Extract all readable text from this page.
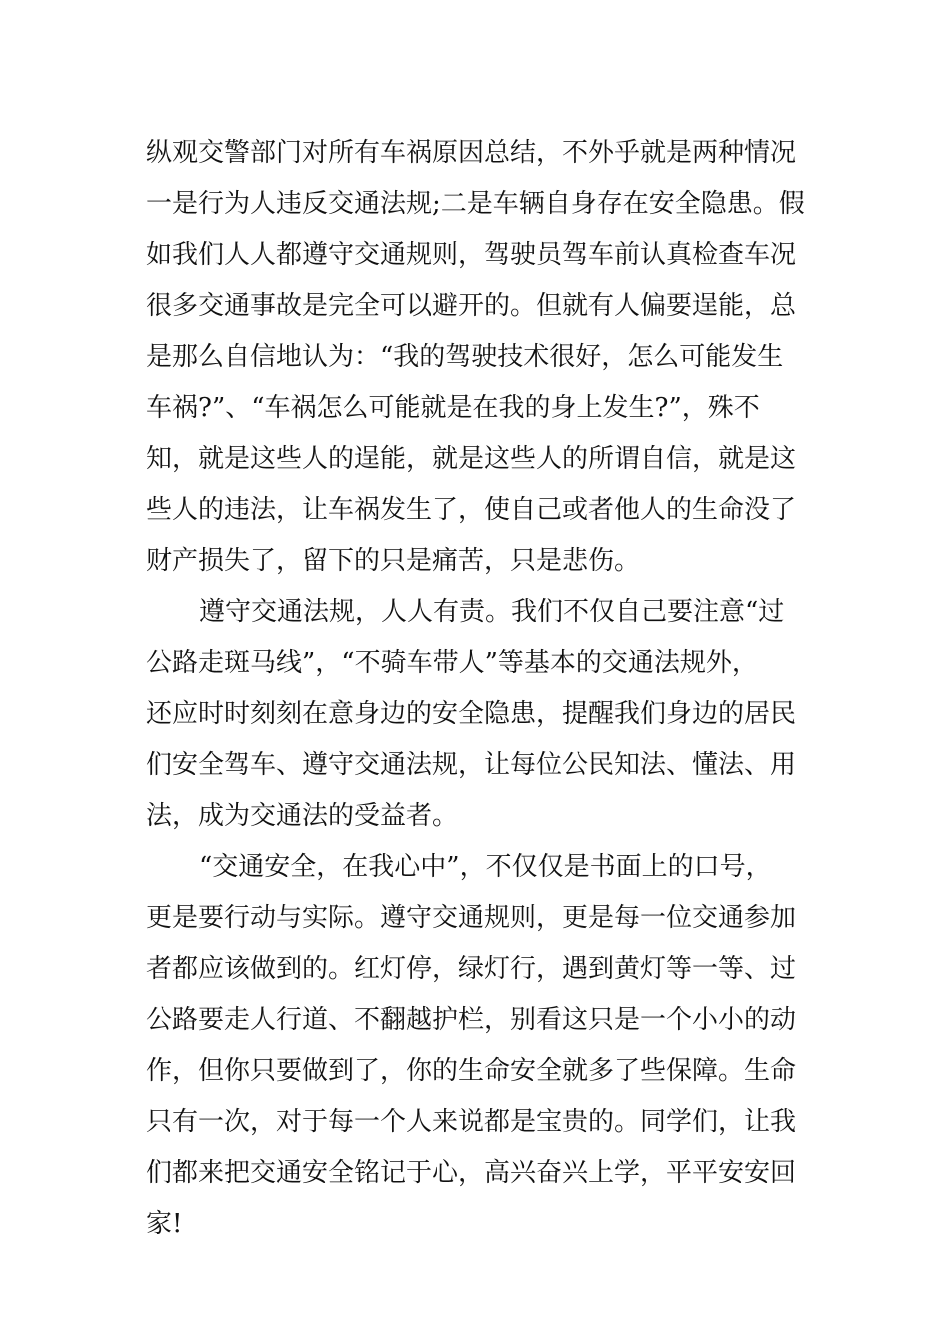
纵观交警部门对所有车祸原因总结，不外乎就是两种情况
一是行为人违反交通法规;二是车辆自身存在安全隐患。假
如我们人人都遵守交通规则，驾驶员驾车前认真检查车况
很多交通事故是完全可以避开的。但就有人偏要逞能，总
是那么自信地认为：“我的驾驶技术很好，怎么可能发生
车祸?”、“车祸怎么可能就是在我的身上发生?”，殊不
知，就是这些人的逞能，就是这些人的所谓自信，就是这
些人的违法，让车祸发生了，使自己或者他人的生命没了
财产损失了，留下的只是痛苦，只是悲伤。
遵守交通法规，人人有责。我们不仅自己要注意“过
公路走斑马线”，“不骑车带人”等基本的交通法规外，
还应时时刻刻在意身边的安全隐患，提醒我们身边的居民
们安全驾车、遵守交通法规，让每位公民知法、懂法、用
法，成为交通法的受益者。
“交通安全，在我心中”，不仅仅是书面上的口号，
更是要行动与实际。遵守交通规则，更是每一位交通参加
者都应该做到的。红灯停，绿灯行，遇到黄灯等一等、过
公路要走人行道、不翻越护栏，别看这只是一个小小的动
作，但你只要做到了，你的生命安全就多了些保障。生命
只有一次，对于每一个人来说都是宝贵的。同学们，让我
们都来把交通安全铭记于心，高兴奋兴上学，平平安安回
家!
